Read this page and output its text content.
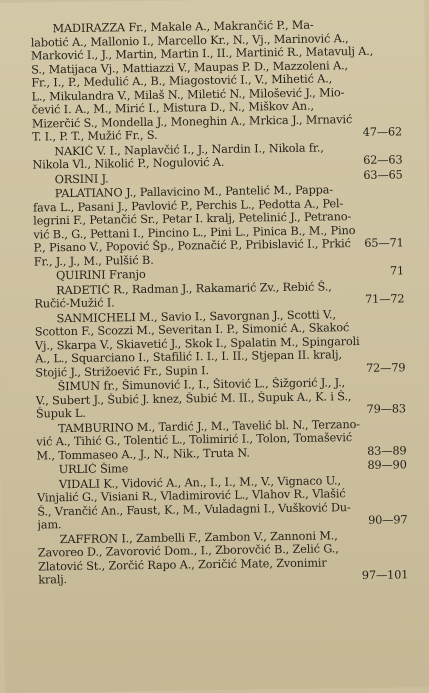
MADIRAZZA Fr., Makale A., Makrančić P., Ma-

labotić A., Mallonio I., Marcello Kr., N., Vj., Marinović A.,

Marković I., J., Martin, Martin I., II., Martinić R., Matavulj A.,

S., Matijaca Vj., Mattiazzi V., Maupas P. D., Mazzoleni A.,

Fr., I., P., Medulić A., B., Miagostović I., V., Mihetić A.,

L., Mikulandra V., Milaš N., Miletić N., Milošević J., Mio-

čević I. A., M., Mirić I., Mistura D., N., Miškov An.,

Mizerčić S., Mondella J., Moneghin A., Mrkica J., Mrnavić

T. I., P. T., Mužić Fr., S.	47—62

NAKIĆ V. I., Naplavčić I., J., Nardin I., Nikola fr.,

Nikola Vl., Nikolić P., Nogulović A.	62—63

ORSINI J.	63—65

PALATIANO J., Pallavicino M., Pantelić M., Pappa-

fava L., Pasani J., Pavlović P., Perchis L., Pedotta A., Pel-

legrini F., Petančić Sr., Petar I. kralj, Petelinić J., Petrano-

vić B., G., Pettani I., Pincino L., Pini L., Pinica B., M., Pino

P., Pisano V., Popović Šp., Poznačić P., Pribislavić I., Prkić	65—71

Fr., J., J., M., Pulšić B.

QUIRINI Franjo	71

RADETIĆ R., Radman J., Rakamarić Zv., Rebić Š.,

Ručić-Mužić I.	71—72

SANMICHELI M., Savio I., Savorgnan J., Scotti V.,

Scotton F., Scozzi M., Severitan I. P., Simonić A., Skakoć

Vj., Skarpa V., Skiavetić J., Skok I., Spalatin M., Spingaroli

A., L., Squarciano I., Stafilić I. I., I. II., Stjepan II. kralj,

Stojić J., Strižoević Fr., Supin I.	72—79

ŠIMUN fr., Šimunović I., I., Šitović L., Šižgorić J., J.,

V., Subert J., Šubić J. knez, Šubić M. II., Šupuk A., K. i Š.,

Šupuk L.	79—83

TAMBURINO M., Tardić J., M., Tavelić bl. N., Terzano-

vić A., Tihić G., Tolentić L., Tolimirić I., Tolon, Tomašević

M., Tommaseo A., J., N., Nik., Truta N.	83—89

URLIĆ Šime	89—90

VIDALI K., Vidović A., An., I., I., M., V., Vignaco U.,

Vinjalić G., Visiani R., Vladimirović L., Vlahov R., Vlašić

Š., Vrančić An., Faust, K., M., Vuladagni I., Vušković Du-

jam.	90—97

ZAFFRON I., Zambelli F., Zambon V., Zannoni M.,

Zavoreo D., Zavorović Dom., I., Zborovčić B., Zelić G.,

Zlatović St., Zorčić Rapo A., Zoričić Mate, Zvonimir

kralj.	97—101
